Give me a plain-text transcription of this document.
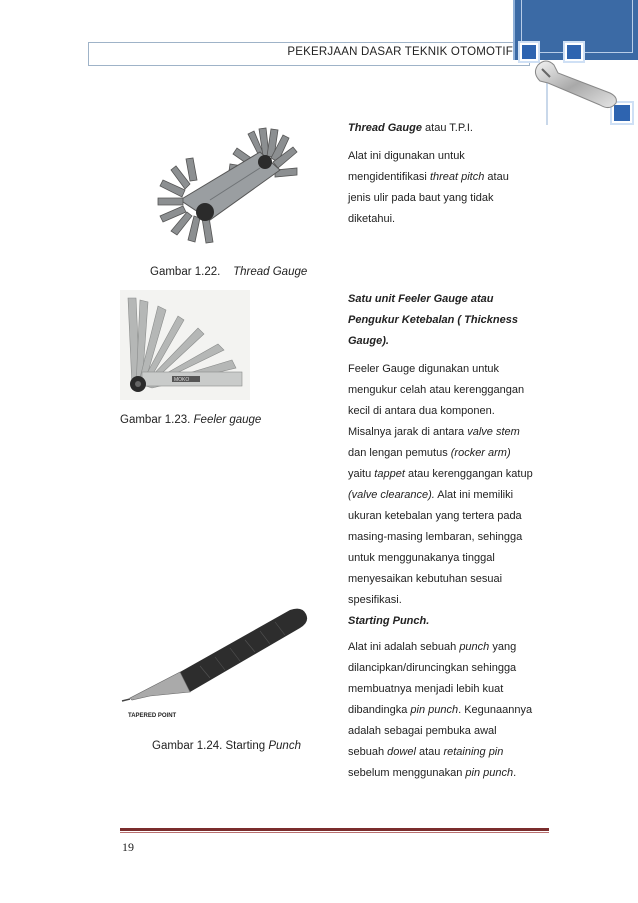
PEKERJAAN DASAR TEKNIK OTOMOTIF
Gambar 1.22. Thread Gauge
MOKO
Gambar 1.23. Feeler gauge
TAPERED POINT
Gambar 1.24. Starting Punch
Thread Gauge atau T.P.I.
Alat ini digunakan untuk
mengidentifikasi threat pitch atau
jenis ulir pada baut yang tidak
diketahui.
Satu unit Feeler Gauge atau
Pengukur Ketebalan ( Thickness
Gauge).
Feeler Gauge digunakan untuk
mengukur celah atau kerenggangan
kecil di antara dua komponen.
Misalnya jarak di antara valve stem
dan lengan pemutus (rocker arm)
yaitu tappet atau kerenggangan katup
(valve clearance). Alat ini memiliki
ukuran ketebalan yang tertera pada
masing-masing lembaran, sehingga
untuk menggunakanya tinggal
menyesaikan kebutuhan sesuai
spesifikasi.
Starting Punch.
Alat ini adalah sebuah punch yang
dilancipkan/diruncingkan sehingga
membuatnya menjadi lebih kuat
dibandingka pin punch. Kegunaannya
adalah sebagai pembuka awal
sebuah dowel atau retaining pin
sebelum menggunakan pin punch.
19
